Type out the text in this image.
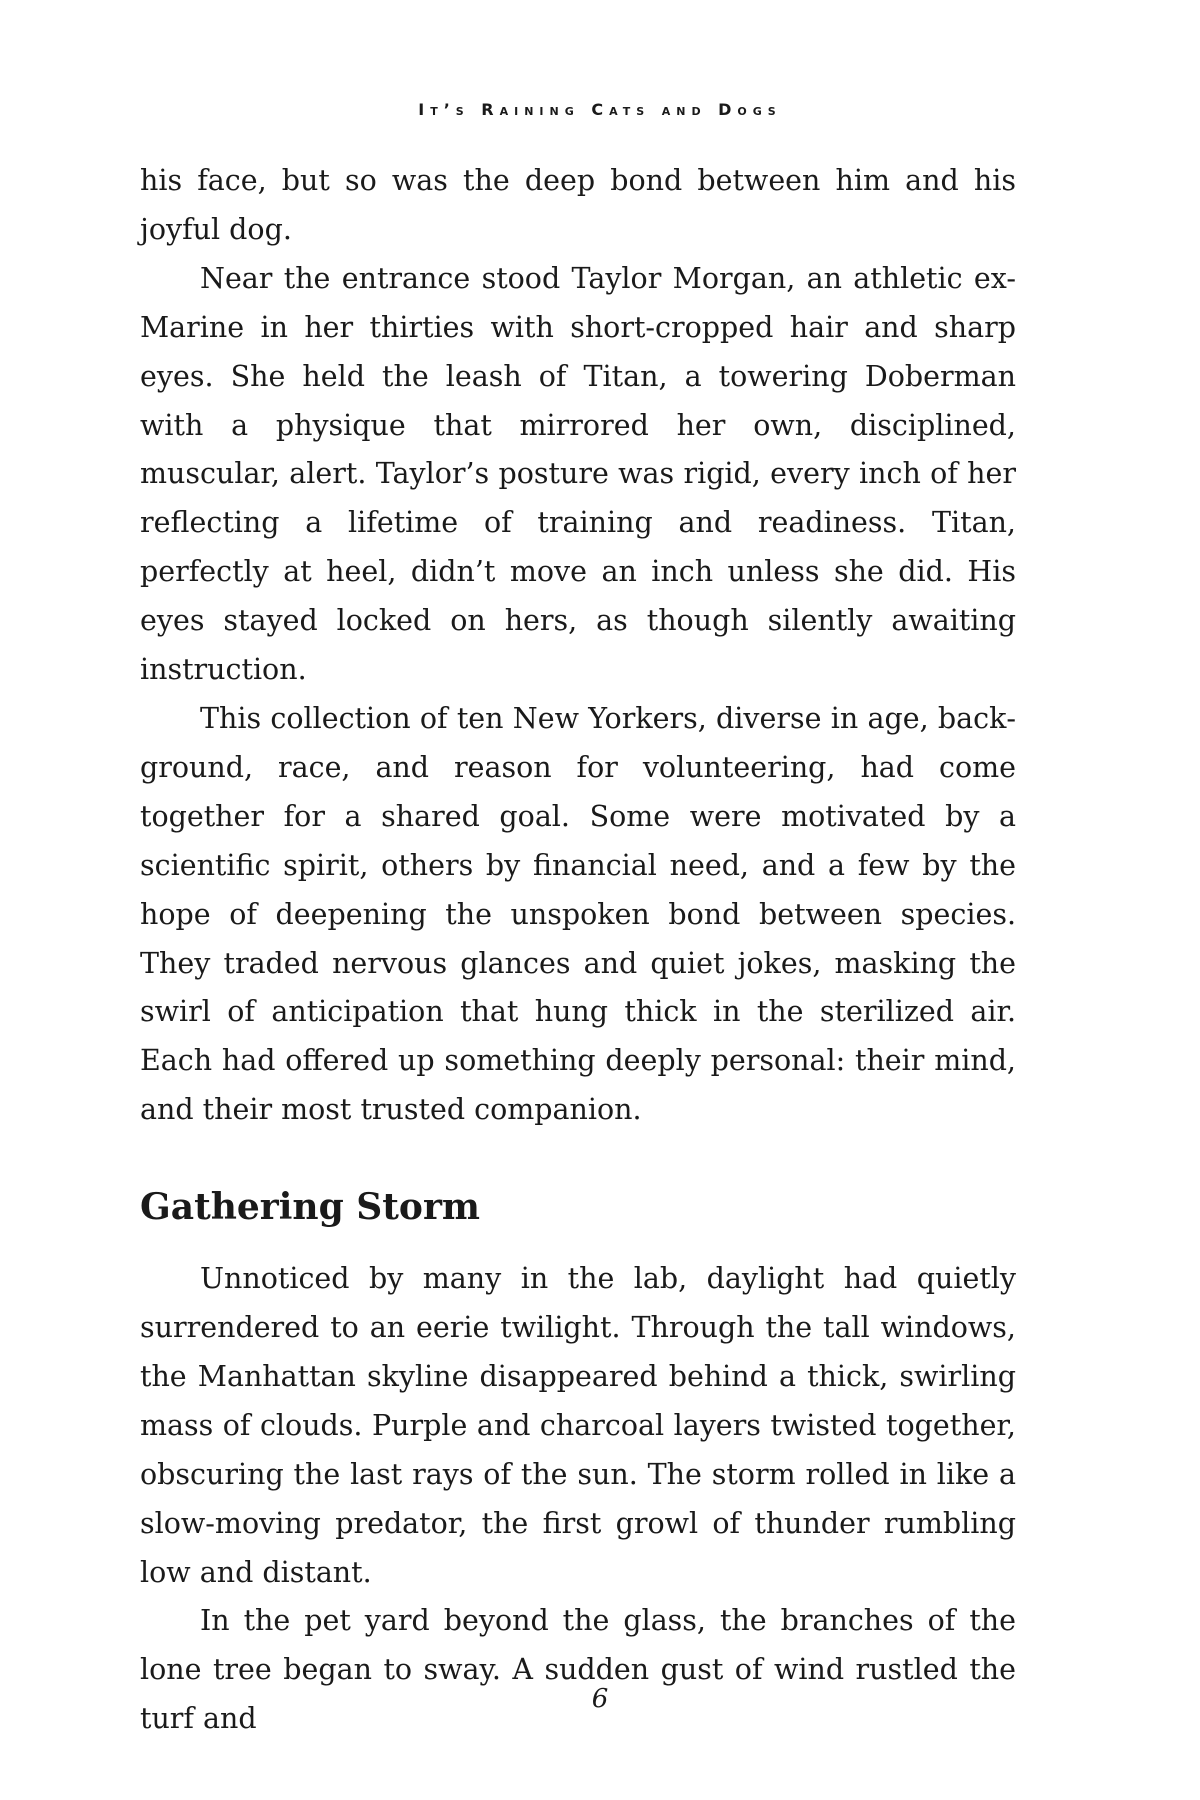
It’s Raining Cats and Dogs

his face, but so was the deep bond between him and his joyful dog.

Near the entrance stood Taylor Morgan, an athletic ex-Marine in her thirties with short-cropped hair and sharp eyes. She held the leash of Titan, a towering Doberman with a physique that mirrored her own, disciplined, muscular, alert. Taylor’s posture was rigid, every inch of her reflecting a lifetime of training and readiness. Titan, perfectly at heel, didn’t move an inch unless she did. His eyes stayed locked on hers, as though silently awaiting instruction.

This collection of ten New Yorkers, diverse in age, background, race, and reason for volunteering, had come together for a shared goal. Some were motivated by a scientific spirit, others by financial need, and a few by the hope of deepening the unspoken bond between species. They traded nervous glances and quiet jokes, masking the swirl of anticipation that hung thick in the sterilized air. Each had offered up something deeply personal: their mind, and their most trusted companion.

Gathering Storm

Unnoticed by many in the lab, daylight had quietly surrendered to an eerie twilight. Through the tall windows, the Manhattan skyline disappeared behind a thick, swirling mass of clouds. Purple and charcoal layers twisted together, obscuring the last rays of the sun. The storm rolled in like a slow-moving predator, the first growl of thunder rumbling low and distant.

In the pet yard beyond the glass, the branches of the lone tree began to sway. A sudden gust of wind rustled the turf and

6
